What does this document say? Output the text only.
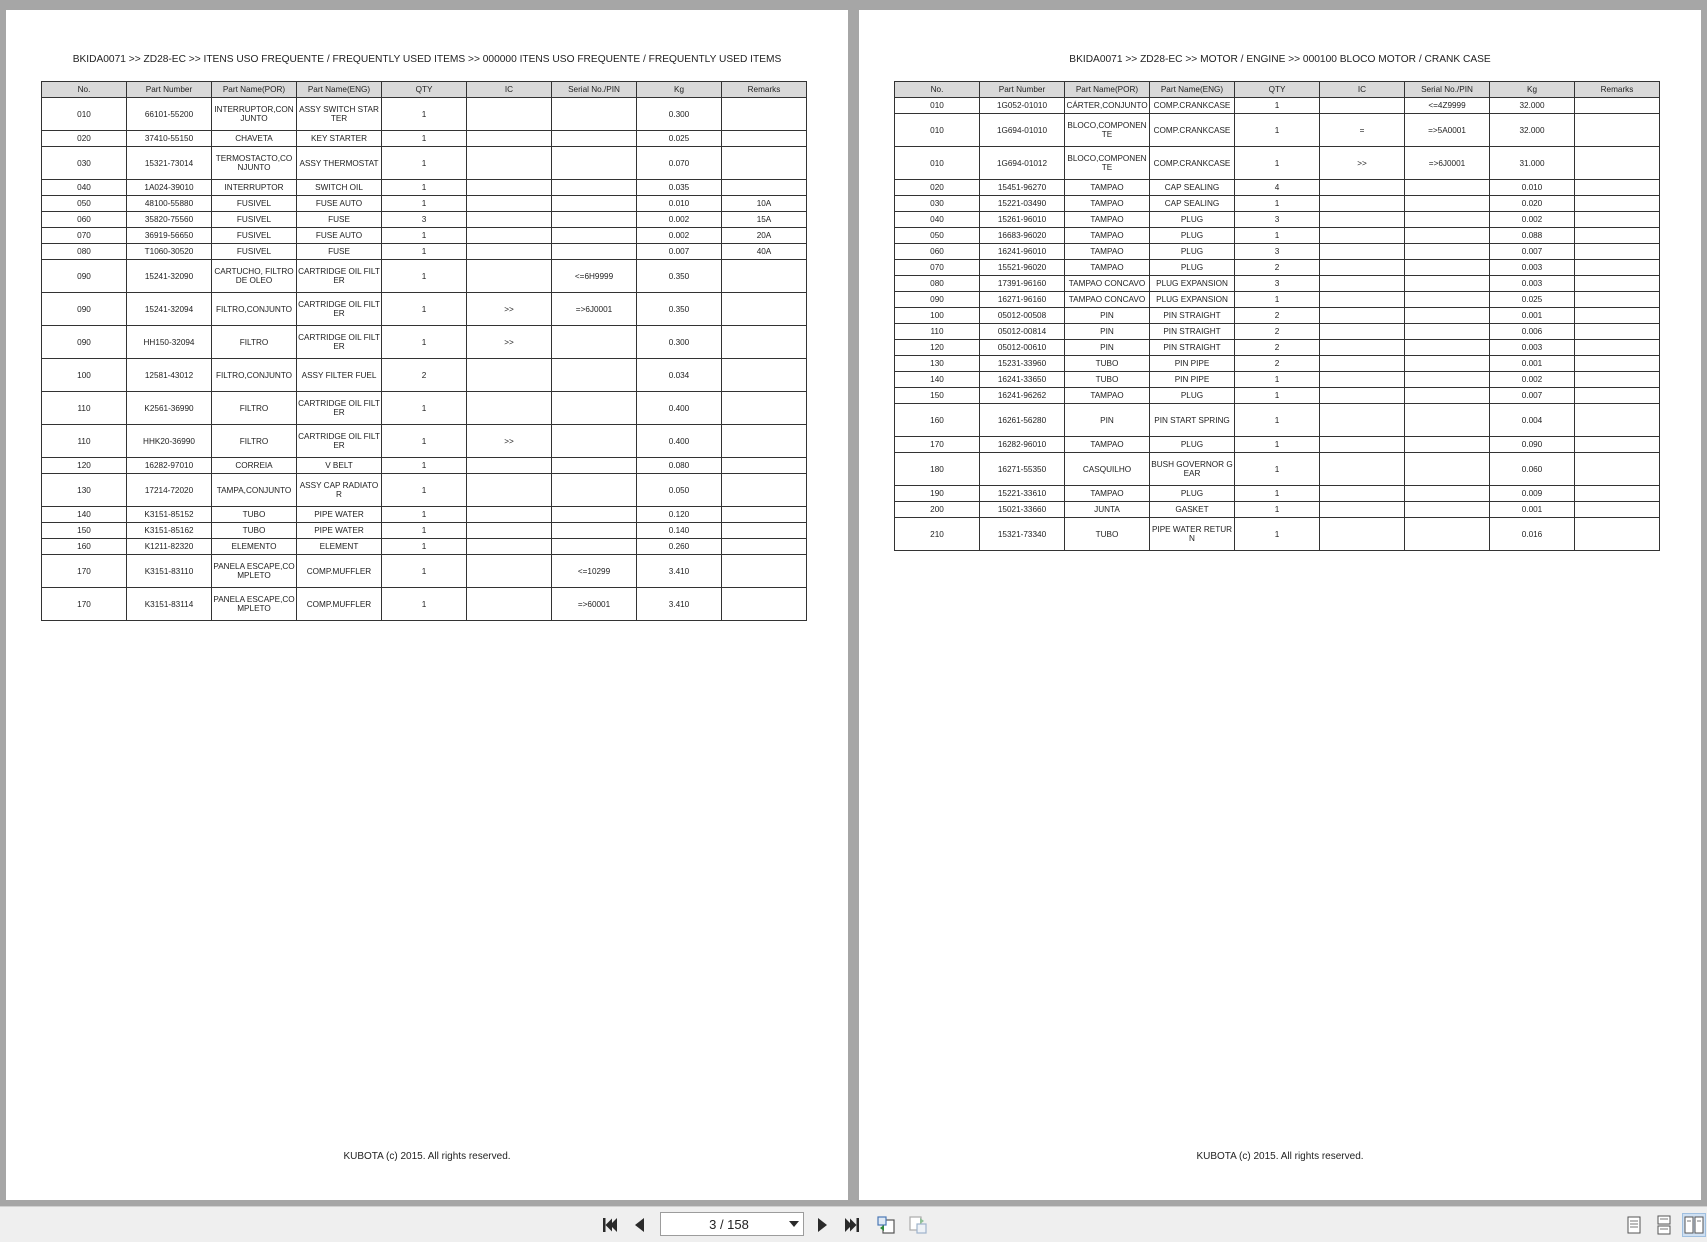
BKIDA0071 >> ZD28-EC >> ITENS USO FREQUENTE / FREQUENTLY USED ITEMS >> 000000 ITENS USO FREQUENTE / FREQUENTLY USED ITEMS
No.	Part Number	Part Name(POR)	Part Name(ENG)	QTY	IC	Serial No./PIN	Kg	Remarks
010	66101-55200	INTERRUPTOR,CONJUNTO	ASSY SWITCH STARTER	1			0.300	
020	37410-55150	CHAVETA	KEY STARTER	1			0.025	
030	15321-73014	TERMOSTACTO,CONJUNTO	ASSY THERMOSTAT	1			0.070	
040	1A024-39010	INTERRUPTOR	SWITCH OIL	1			0.035	
050	48100-55880	FUSIVEL	FUSE AUTO	1			0.010	10A
060	35820-75560	FUSIVEL	FUSE	3			0.002	15A
070	36919-56650	FUSIVEL	FUSE AUTO	1			0.002	20A
080	T1060-30520	FUSIVEL	FUSE	1			0.007	40A
090	15241-32090	CARTUCHO, FILTRO DE OLEO	CARTRIDGE OIL FILTER	1		<=6H9999	0.350	
090	15241-32094	FILTRO,CONJUNTO	CARTRIDGE OIL FILTER	1	>>	=>6J0001	0.350	
090	HH150-32094	FILTRO	CARTRIDGE OIL FILTER	1	>>		0.300	
100	12581-43012	FILTRO,CONJUNTO	ASSY FILTER FUEL	2			0.034	
110	K2561-36990	FILTRO	CARTRIDGE OIL FILTER	1			0.400	
110	HHK20-36990	FILTRO	CARTRIDGE OIL FILTER	1	>>		0.400	
120	16282-97010	CORREIA	V BELT	1			0.080	
130	17214-72020	TAMPA,CONJUNTO	ASSY CAP RADIATOR	1			0.050	
140	K3151-85152	TUBO	PIPE WATER	1			0.120	
150	K3151-85162	TUBO	PIPE WATER	1			0.140	
160	K1211-82320	ELEMENTO	ELEMENT	1			0.260	
170	K3151-83110	PANELA ESCAPE,COMPLETO	COMP.MUFFLER	1		<=10299	3.410	
170	K3151-83114	PANELA ESCAPE,COMPLETO	COMP.MUFFLER	1		=>60001	3.410	
KUBOTA (c) 2015. All rights reserved.
BKIDA0071 >> ZD28-EC >> MOTOR / ENGINE >> 000100 BLOCO MOTOR / CRANK CASE
No.	Part Number	Part Name(POR)	Part Name(ENG)	QTY	IC	Serial No./PIN	Kg	Remarks
010	1G052-01010	CÁRTER,CONJUNTO	COMP.CRANKCASE	1		<=4Z9999	32.000	
010	1G694-01010	BLOCO,COMPONENTE	COMP.CRANKCASE	1	=	=>5A0001	32.000	
010	1G694-01012	BLOCO,COMPONENTE	COMP.CRANKCASE	1	>>	=>6J0001	31.000	
020	15451-96270	TAMPAO	CAP SEALING	4			0.010	
030	15221-03490	TAMPAO	CAP SEALING	1			0.020	
040	15261-96010	TAMPAO	PLUG	3			0.002	
050	16683-96020	TAMPAO	PLUG	1			0.088	
060	16241-96010	TAMPAO	PLUG	3			0.007	
070	15521-96020	TAMPAO	PLUG	2			0.003	
080	17391-96160	TAMPAO CONCAVO	PLUG EXPANSION	3			0.003	
090	16271-96160	TAMPAO CONCAVO	PLUG EXPANSION	1			0.025	
100	05012-00508	PIN	PIN STRAIGHT	2			0.001	
110	05012-00814	PIN	PIN STRAIGHT	2			0.006	
120	05012-00610	PIN	PIN STRAIGHT	2			0.003	
130	15231-33960	TUBO	PIN PIPE	2			0.001	
140	16241-33650	TUBO	PIN PIPE	1			0.002	
150	16241-96262	TAMPAO	PLUG	1			0.007	
160	16261-56280	PIN	PIN START SPRING	1			0.004	
170	16282-96010	TAMPAO	PLUG	1			0.090	
180	16271-55350	CASQUILHO	BUSH GOVERNOR GEAR	1			0.060	
190	15221-33610	TAMPAO	PLUG	1			0.009	
200	15021-33660	JUNTA	GASKET	1			0.001	
210	15321-73340	TUBO	PIPE WATER RETURN	1			0.016	
KUBOTA (c) 2015. All rights reserved.
3 / 158
